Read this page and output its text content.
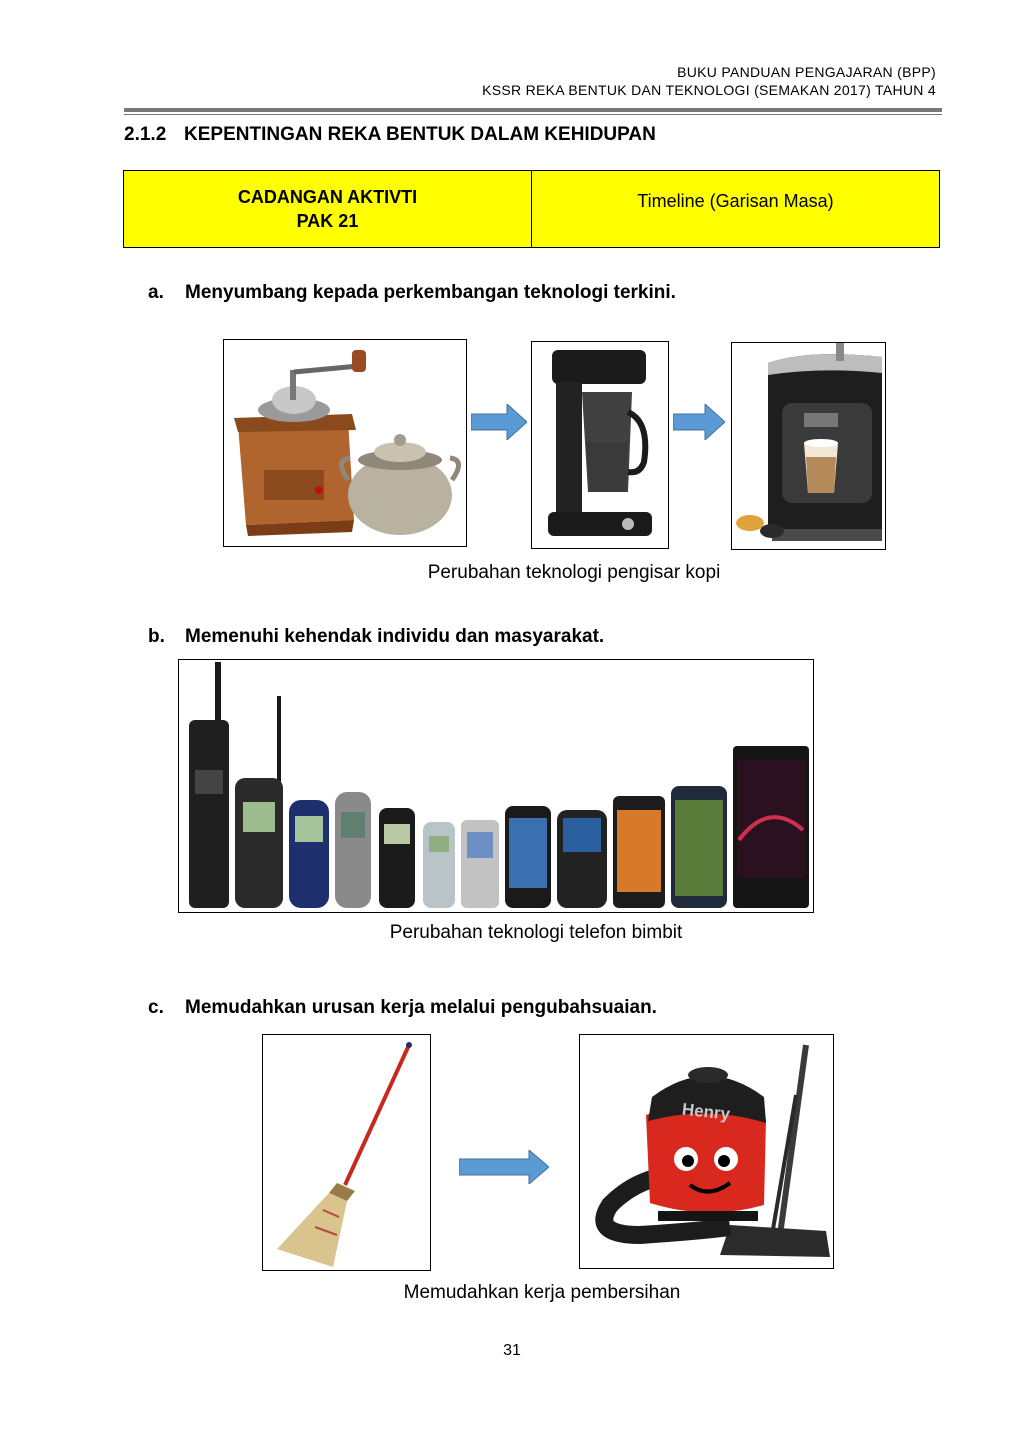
BUKU PANDUAN PENGAJARAN (BPP)
KSSR REKA BENTUK DAN TEKNOLOGI (SEMAKAN 2017) TAHUN 4
2.1.2 KEPENTINGAN REKA BENTUK DALAM KEHIDUPAN
CADANGAN AKTIVTI
PAK 21
Timeline (Garisan Masa)
a. Menyumbang kepada perkembangan teknologi terkini.
Perubahan teknologi pengisar kopi
b. Memenuhi kehendak individu dan masyarakat.
Perubahan teknologi telefon bimbit
c. Memudahkan urusan kerja melalui pengubahsuaian.
Henry
Memudahkan kerja pembersihan
31
